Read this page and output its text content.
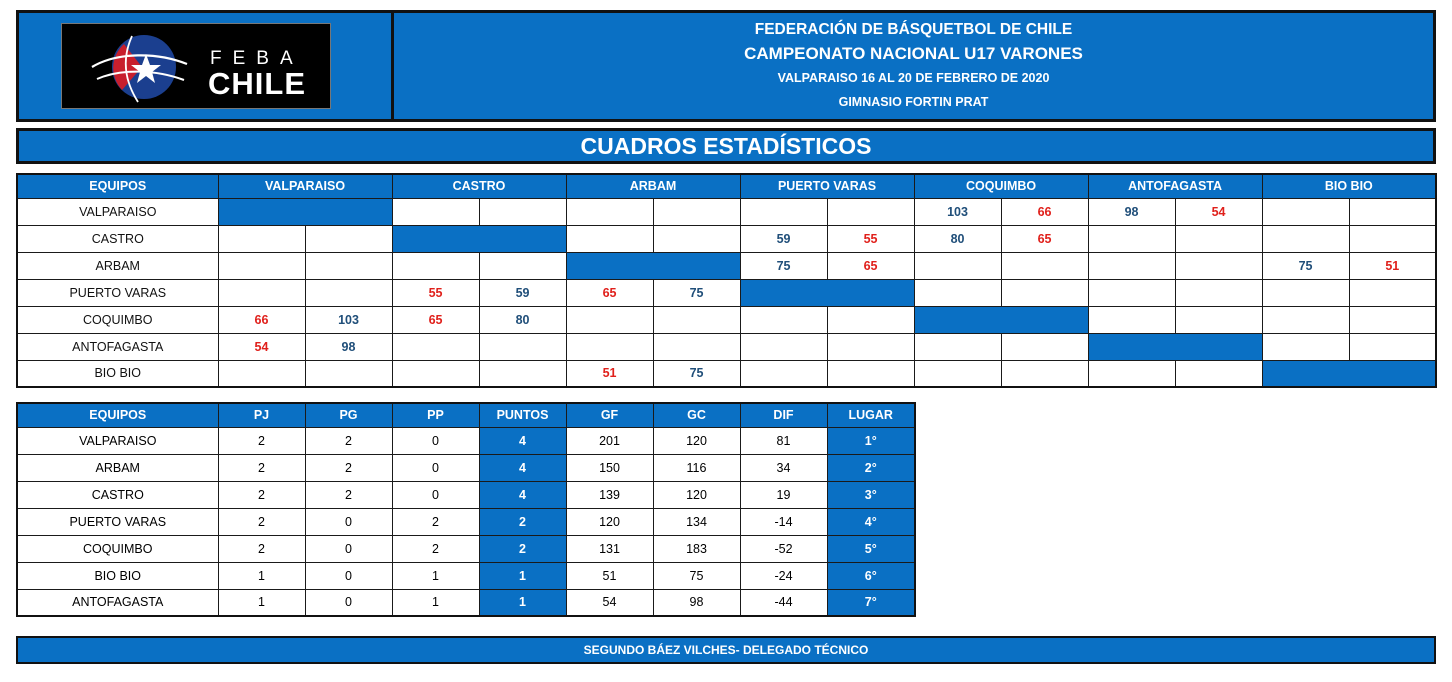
FEBA
CHILE
FEDERACIÓN DE BÁSQUETBOL DE CHILE
CAMPEONATO NACIONAL U17 VARONES
VALPARAISO 16 AL 20 DE FEBRERO DE 2020
GIMNASIO FORTIN PRAT
CUADROS ESTADÍSTICOS
EQUIPOS	VALPARAISO		CASTRO		ARBAM		PUERTO VARAS		COQUIMBO		ANTOFAGASTA		BIO BIO	
VALPARAISO									103	66	98	54		
CASTRO							59	55	80	65				
ARBAM							75	65					75	51
PUERTO VARAS			55	59	65	75								
COQUIMBO	66	103	65	80										
ANTOFAGASTA	54	98												
BIO BIO					51	75								
EQUIPOS	PJ	PG	PP	PUNTOS	GF	GC	DIF	LUGAR
VALPARAISO	2	2	0	4	201	120	81	1°
ARBAM	2	2	0	4	150	116	34	2°
CASTRO	2	2	0	4	139	120	19	3°
PUERTO VARAS	2	0	2	2	120	134	-14	4°
COQUIMBO	2	0	2	2	131	183	-52	5°
BIO BIO	1	0	1	1	51	75	-24	6°
ANTOFAGASTA	1	0	1	1	54	98	-44	7°
SEGUNDO BÁEZ VILCHES- DELEGADO TÉCNICO
